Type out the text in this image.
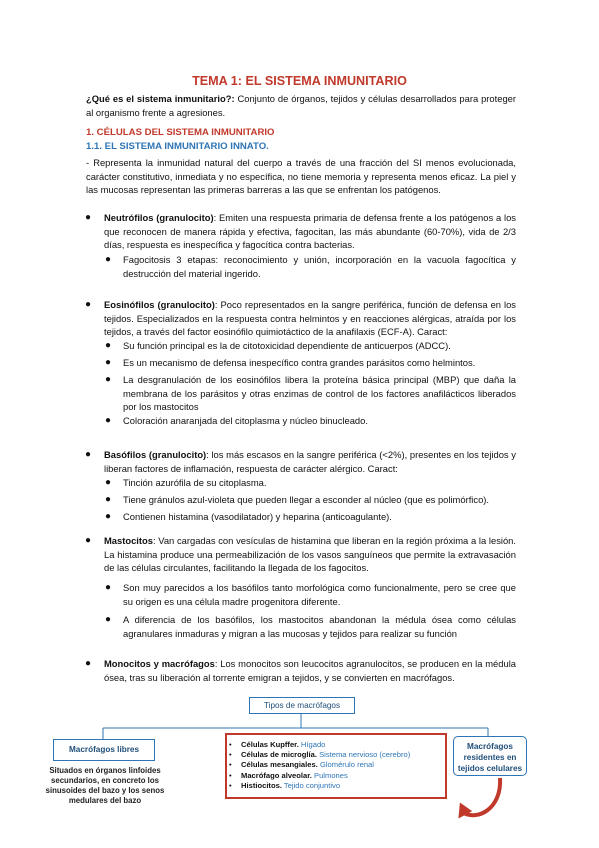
TEMA 1: EL SISTEMA INMUNITARIO

¿Qué es el sistema inmunitario?: Conjunto de órganos, tejidos y células desarrollados para proteger al organismo frente a agresiones.

1. CÉLULAS DEL SISTEMA INMUNITARIO

1.1. EL SISTEMA INMUNITARIO INNATO.

- Representa la inmunidad natural del cuerpo a través de una fracción del SI menos evolucionada, carácter constitutivo, inmediata y no específica, no tiene memoria y representa menos eficaz. La piel y las mucosas representan las primeras barreras a las que se enfrentan los patógenos.

● Neutrófilos (granulocito): Emiten una respuesta primaria de defensa frente a los patógenos a los que reconocen de manera rápida y efectiva, fagocitan, las más abundante (60-70%), vida de 2/3 días, respuesta es inespecífica y fagocítica contra bacterias.
● Fagocitosis 3 etapas: reconocimiento y unión, incorporación en la vacuola fagocítica y destrucción del material ingerido.
● Eosinófilos (granulocito): Poco representados en la sangre periférica, función de defensa en los tejidos. Especializados en la respuesta contra helmintos y en reacciones alérgicas, atraída por los tejidos, a través del factor eosinófilo quimiotáctico de la anafilaxis (ECF-A). Caract:
● Su función principal es la de citotoxicidad dependiente de anticuerpos (ADCC).
● Es un mecanismo de defensa inespecífico contra grandes parásitos como helmintos.
● La desgranulación de los eosinófilos libera la proteína básica principal (MBP) que daña la membrana de los parásitos y otras enzimas de control de los factores anafilácticos liberados por los mastocitos
● Coloración anaranjada del citoplasma y núcleo binucleado.
● Basófilos (granulocito): los más escasos en la sangre periférica (<2%), presentes en los tejidos y liberan factores de inflamación, respuesta de carácter alérgico. Caract:
● Tinción azurófila de su citoplasma.
● Tiene gránulos azul-violeta que pueden llegar a esconder al núcleo (que es polimórfico).
● Contienen histamina (vasodilatador) y heparina (anticoagulante).
● Mastocitos: Van cargadas con vesículas de histamina que liberan en la región próxima a la lesión. La histamina produce una permeabilización de los vasos sanguíneos que permite la extravasación de las células circulantes, facilitando la llegada de los fagocitos.
● Son muy parecidos a los basófilos tanto morfológica como funcionalmente, pero se cree que su origen es una célula madre progenitora diferente.
● A diferencia de los basófilos, los mastocitos abandonan la médula ósea como células agranulares inmaduras y migran a las mucosas y tejidos para realizar su función
● Monocitos y macrófagos: Los monocitos son leucocitos agranulocitos, se producen en la médula ósea, tras su liberación al torrente emigran a tejidos, y se convierten en macrófagos.
Tipos de macrófagos
Macrófagos libres
Situados en órganos linfoides secundarios, en concreto los sinusoides del bazo y los senos medulares del bazo
Macrófagos residentes en tejidos celulares
• Células Kupffer. Hígado
• Células de microglía. Sistema nervioso (cerebro)
• Células mesangiales. Glomérulo renal
• Macrófago alveolar. Pulmones
• Histiocitos. Tejido conjuntivo
